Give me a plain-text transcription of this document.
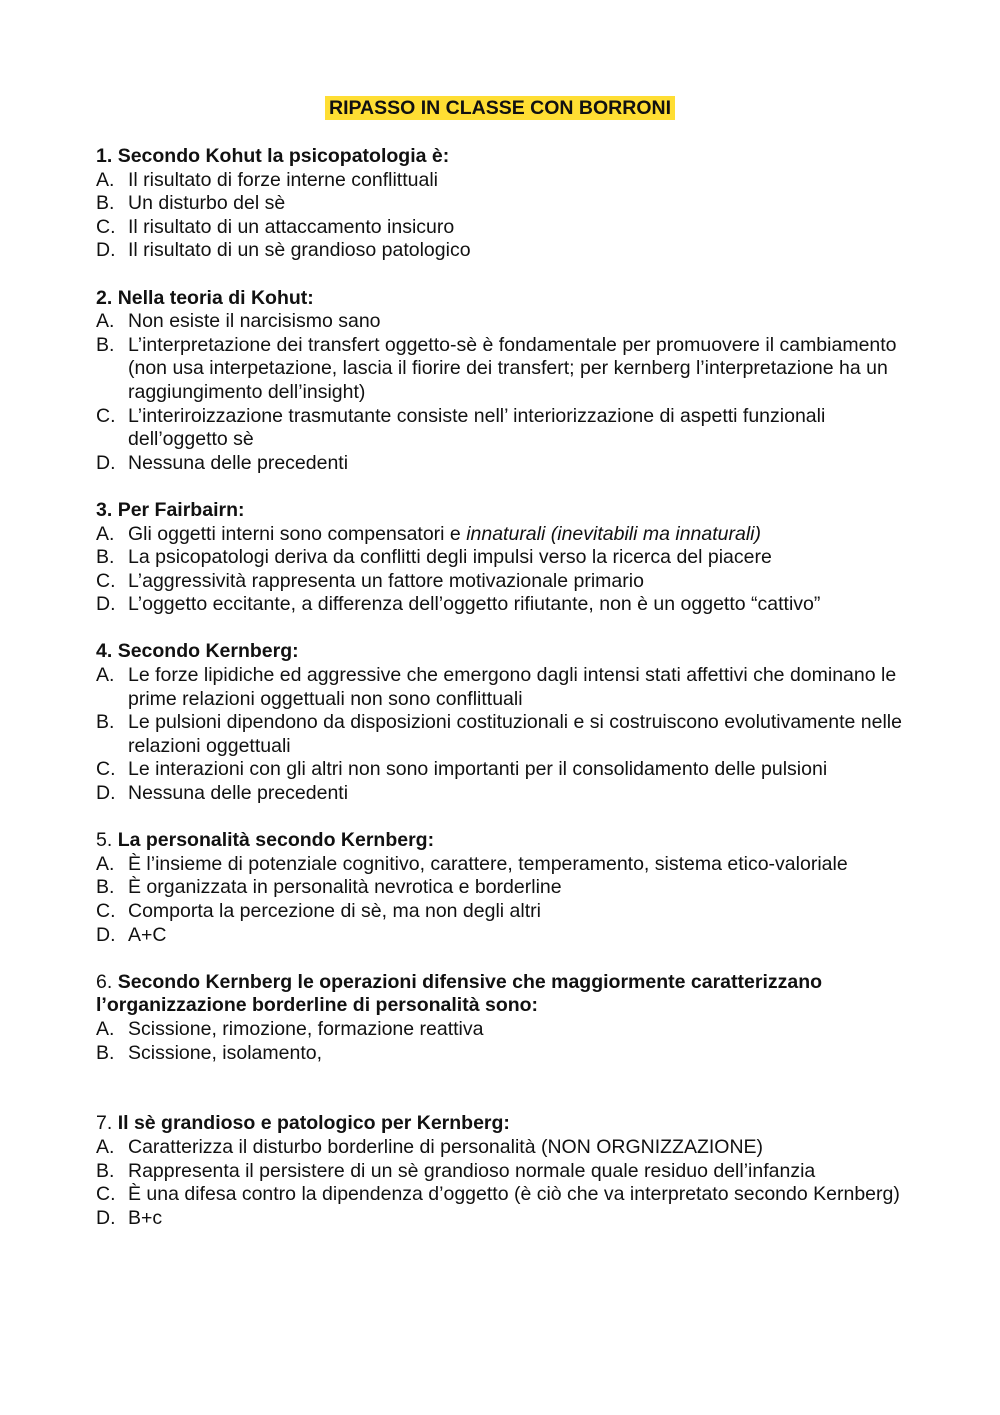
RIPASSO IN CLASSE CON BORRONI

1. Secondo Kohut la psicopatologia è:

A. Il risultato di forze interne conflittuali

B. Un disturbo del sè

C. Il risultato di un attaccamento insicuro

D. Il risultato di un sè grandioso patologico

2. Nella teoria di Kohut:

A. Non esiste il narcisismo sano

B. L’interpretazione dei transfert oggetto-sè è fondamentale per promuovere il cambiamento (non usa interpetazione, lascia il fiorire dei transfert; per kernberg l’interpretazione ha un raggiungimento dell’insight)

C. L’interiroizzazione trasmutante consiste nell’ interiorizzazione di aspetti funzionali dell’oggetto sè

D. Nessuna delle precedenti

3. Per Fairbairn:

A. Gli oggetti interni sono compensatori e innaturali (inevitabili ma innaturali)

B. La psicopatologi deriva da conflitti degli impulsi verso la ricerca del piacere

C. L’aggressività rappresenta un fattore motivazionale primario

D. L’oggetto eccitante, a differenza dell’oggetto rifiutante, non è un oggetto “cattivo”

4. Secondo Kernberg:

A. Le forze lipidiche ed aggressive che emergono dagli intensi stati affettivi che dominano le prime relazioni oggettuali non sono conflittuali

B. Le pulsioni dipendono da disposizioni costituzionali e si costruiscono evolutivamente nelle relazioni oggettuali

C. Le interazioni con gli altri non sono importanti per il consolidamento delle pulsioni

D. Nessuna delle precedenti

5. La personalità secondo Kernberg:

A. È l’insieme di potenziale cognitivo, carattere, temperamento, sistema etico-valoriale

B. È organizzata in personalità nevrotica e borderline

C. Comporta la percezione di sè, ma non degli altri

D. A+C

6. Secondo Kernberg le operazioni difensive che maggiormente caratterizzano l’organizzazione borderline di personalità sono:

A. Scissione, rimozione, formazione reattiva

B. Scissione, isolamento,

7. Il sè grandioso e patologico per Kernberg:

A. Caratterizza il disturbo borderline di personalità (NON ORGNIZZAZIONE)

B. Rappresenta il persistere di un sè grandioso normale quale residuo dell’infanzia

C. È una difesa contro la dipendenza d’oggetto (è ciò che va interpretato secondo Kernberg)

D. B+c
